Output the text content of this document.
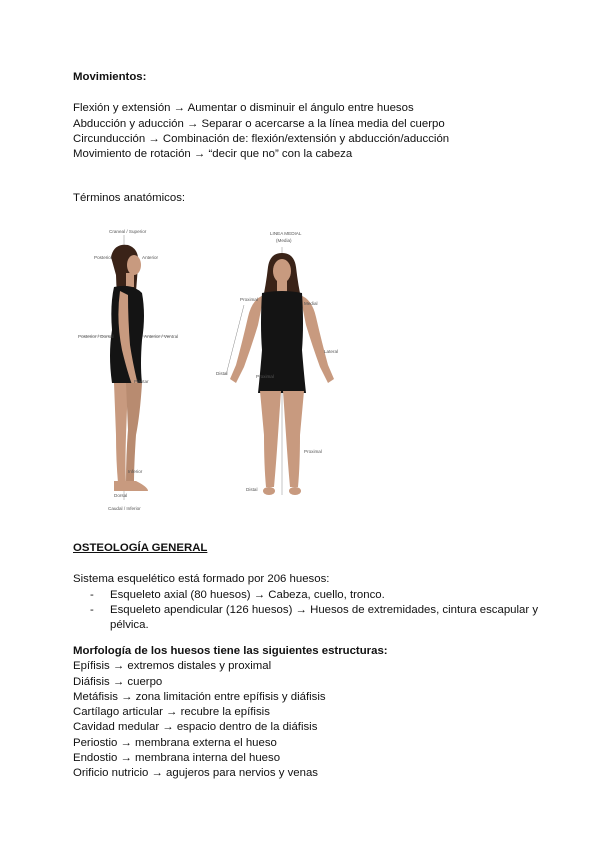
Movimientos:
Flexión y extensión → Aumentar o disminuir el ángulo entre huesos
Abducción y aducción → Separar o acercarse a la línea media del cuerpo
Circunducción → Combinación de: flexión/extensión y abducción/aducción
Movimiento de rotación → “decir que no” con la cabeza
Términos anatómicos:
Craneal / Superior
Posterior	Anterior
Posterior / Dorsal	Anterior / Ventral
Inferior
Dorsal
Caudal / Inferior
Plantar
LINEA MEDIAL
(Media)
Proximal
Medial
Lateral
Distal
Proximal
Proximal
Distal
OSTEOLOGÍA GENERAL
Sistema esquelético está formado por 206 huesos:
- Esqueleto axial (80 huesos) → Cabeza, cuello, tronco.
- Esqueleto apendicular (126 huesos) → Huesos de extremidades, cintura escapular y pélvica.
Morfología de los huesos tiene las siguientes estructuras:
Epífisis → extremos distales y proximal
Diáfisis → cuerpo
Metáfisis → zona limitación entre epífisis y diáfisis
Cartílago articular → recubre la epífisis
Cavidad medular → espacio dentro de la diáfisis
Periostio → membrana externa el hueso
Endostio → membrana interna del hueso
Orificio nutricio → agujeros para nervios y venas
